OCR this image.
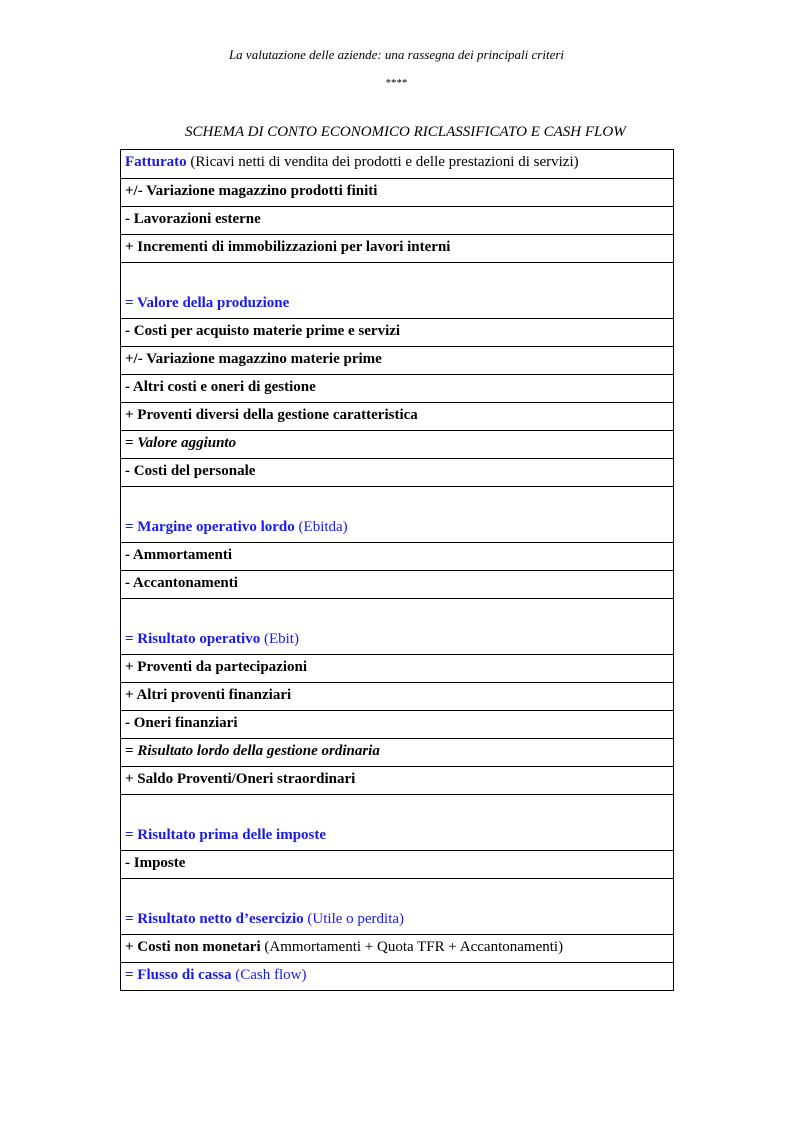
La valutazione delle aziende: una rassegna dei principali criteri
****
SCHEMA DI CONTO ECONOMICO RICLASSIFICATO E CASH FLOW
Fatturato (Ricavi netti di vendita dei prodotti e delle prestazioni di servizi)
+/- Variazione magazzino prodotti finiti
- Lavorazioni esterne
+ Incrementi di immobilizzazioni per lavori interni
= Valore della produzione
- Costi per acquisto materie prime e servizi
+/- Variazione magazzino materie prime
- Altri costi e oneri di gestione
+ Proventi diversi della gestione caratteristica
= Valore aggiunto
- Costi del personale
= Margine operativo lordo (Ebitda)
- Ammortamenti
- Accantonamenti
= Risultato operativo (Ebit)
+ Proventi da partecipazioni
+ Altri proventi finanziari
- Oneri finanziari
= Risultato lordo della gestione ordinaria
+ Saldo Proventi/Oneri straordinari
= Risultato prima delle imposte
- Imposte
= Risultato netto d’esercizio (Utile o perdita)
+ Costi non monetari (Ammortamenti + Quota TFR + Accantonamenti)
= Flusso di cassa (Cash flow)
